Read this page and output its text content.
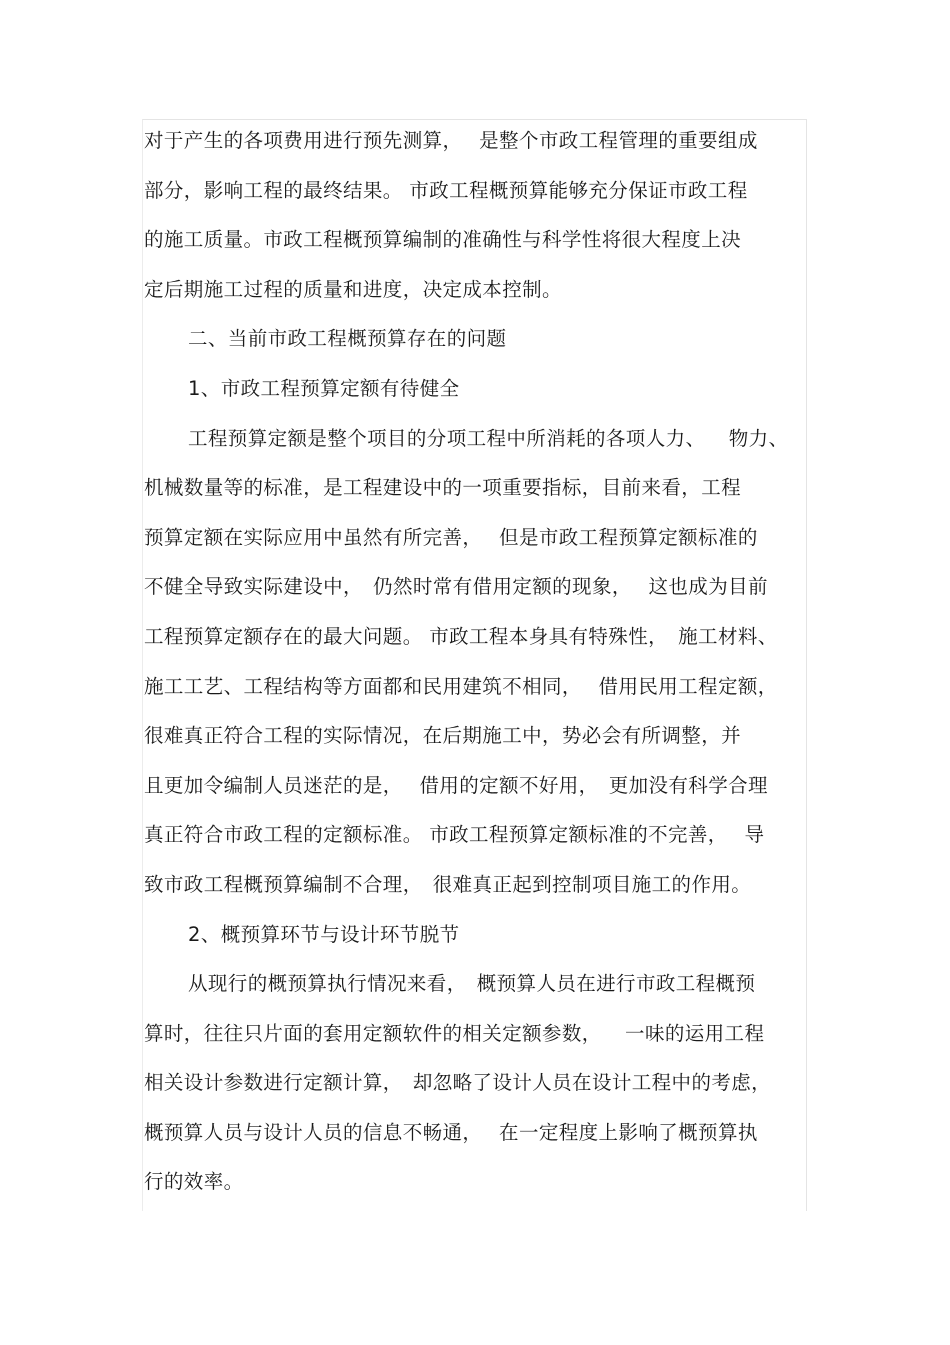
对于产生的各项费用进行预先测算，　 是整个市政工程管理的重要组成
部分，影响工程的最终结果。 市政工程概预算能够充分保证市政工程
的施工质量。市政工程概预算编制的准确性与科学性将很大程度上决
定后期施工过程的质量和进度，决定成本控制。
二、当前市政工程概预算存在的问题
1、市政工程预算定额有待健全
工程预算定额是整个项目的分项工程中所消耗的各项人力、　  物力、
机械数量等的标准，是工程建设中的一项重要指标，目前来看，工程
预算定额在实际应用中虽然有所完善，　 但是市政工程预算定额标准的
不健全导致实际建设中，　仍然时常有借用定额的现象，　 这也成为目前
工程预算定额存在的最大问题。 市政工程本身具有特殊性，　施工材料、
施工工艺、工程结构等方面都和民用建筑不相同，　 借用民用工程定额，
很难真正符合工程的实际情况，在后期施工中，势必会有所调整，并
且更加令编制人员迷茫的是，　 借用的定额不好用，　更加没有科学合理
真正符合市政工程的定额标准。 市政工程预算定额标准的不完善，　 导
致市政工程概预算编制不合理，　很难真正起到控制项目施工的作用。
2、概预算环节与设计环节脱节
从现行的概预算执行情况来看，　概预算人员在进行市政工程概预
算时，往往只片面的套用定额软件的相关定额参数，　  一味的运用工程
相关设计参数进行定额计算，　却忽略了设计人员在设计工程中的考虑，
概预算人员与设计人员的信息不畅通，　 在一定程度上影响了概预算执
行的效率。
